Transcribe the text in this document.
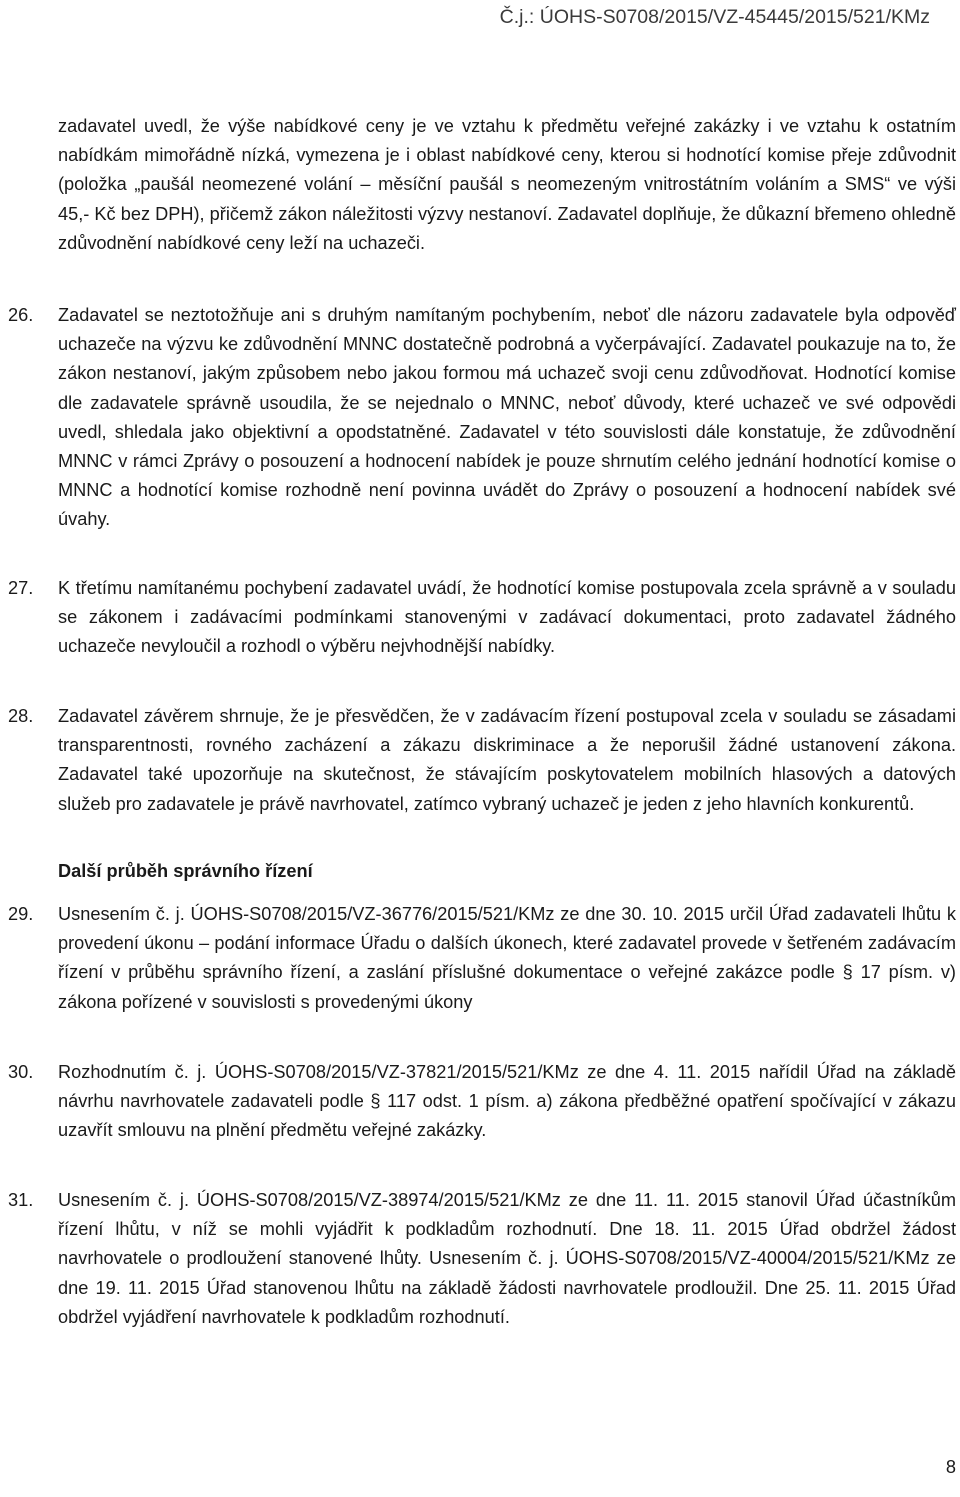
Č.j.: ÚOHS-S0708/2015/VZ-45445/2015/521/KMz

zadavatel uvedl, že výše nabídkové ceny je ve vztahu k předmětu veřejné zakázky i ve vztahu k ostatním nabídkám mimořádně nízká, vymezena je i oblast nabídkové ceny, kterou si hodnotící komise přeje zdůvodnit (položka „paušál neomezené volání – měsíční paušál s neomezeným vnitrostátním voláním a SMS“ ve výši 45,- Kč bez DPH), přičemž zákon náležitosti výzvy nestanoví. Zadavatel doplňuje, že důkazní břemeno ohledně zdůvodnění nabídkové ceny leží na uchazeči.

26.	Zadavatel se neztotožňuje ani s druhým namítaným pochybením, neboť dle názoru zadavatele byla odpověď uchazeče na výzvu ke zdůvodnění MNNC dostatečně podrobná a vyčerpávající. Zadavatel poukazuje na to, že zákon nestanoví, jakým způsobem nebo jakou formou má uchazeč svoji cenu zdůvodňovat. Hodnotící komise dle zadavatele správně usoudila, že se nejednalo o MNNC, neboť důvody, které uchazeč ve své odpovědi uvedl, shledala jako objektivní a opodstatněné. Zadavatel v této souvislosti dále konstatuje, že zdůvodnění MNNC v rámci Zprávy o posouzení a hodnocení nabídek je pouze shrnutím celého jednání hodnotící komise o MNNC a hodnotící komise rozhodně není povinna uvádět do Zprávy o posouzení a hodnocení nabídek své úvahy.
27.	K třetímu namítanému pochybení zadavatel uvádí, že hodnotící komise postupovala zcela správně a v souladu se zákonem i zadávacími podmínkami stanovenými v zadávací dokumentaci, proto zadavatel žádného uchazeče nevyloučil a rozhodl o výběru nejvhodnější nabídky.
28.	Zadavatel závěrem shrnuje, že je přesvědčen, že v zadávacím řízení postupoval zcela v souladu se zásadami transparentnosti, rovného zacházení a zákazu diskriminace a že neporušil žádné ustanovení zákona. Zadavatel také upozorňuje na skutečnost, že stávajícím poskytovatelem mobilních hlasových a datových služeb pro zadavatele je právě navrhovatel, zatímco vybraný uchazeč je jeden z jeho hlavních konkurentů.
Další průběh správního řízení
29.	Usnesením č. j. ÚOHS-S0708/2015/VZ-36776/2015/521/KMz ze dne 30. 10. 2015 určil Úřad zadavateli lhůtu k provedení úkonu – podání informace Úřadu o dalších úkonech, které zadavatel provede v šetřeném zadávacím řízení v průběhu správního řízení, a zaslání příslušné dokumentace o veřejné zakázce podle § 17 písm. v) zákona pořízené v souvislosti s provedenými úkony
30.	Rozhodnutím č. j. ÚOHS-S0708/2015/VZ-37821/2015/521/KMz ze dne 4. 11. 2015 nařídil Úřad na základě návrhu navrhovatele zadavateli podle § 117 odst. 1 písm. a) zákona předběžné opatření spočívající v zákazu uzavřít smlouvu na plnění předmětu veřejné zakázky.
31.	Usnesením č. j. ÚOHS-S0708/2015/VZ-38974/2015/521/KMz ze dne 11. 11. 2015 stanovil Úřad účastníkům řízení lhůtu, v níž se mohli vyjádřit k podkladům rozhodnutí. Dne 18. 11. 2015 Úřad obdržel žádost navrhovatele o prodloužení stanovené lhůty. Usnesením č. j. ÚOHS-S0708/2015/VZ-40004/2015/521/KMz ze dne 19. 11. 2015 Úřad stanovenou lhůtu na základě žádosti navrhovatele prodloužil. Dne 25. 11. 2015 Úřad obdržel vyjádření navrhovatele k podkladům rozhodnutí.
8
